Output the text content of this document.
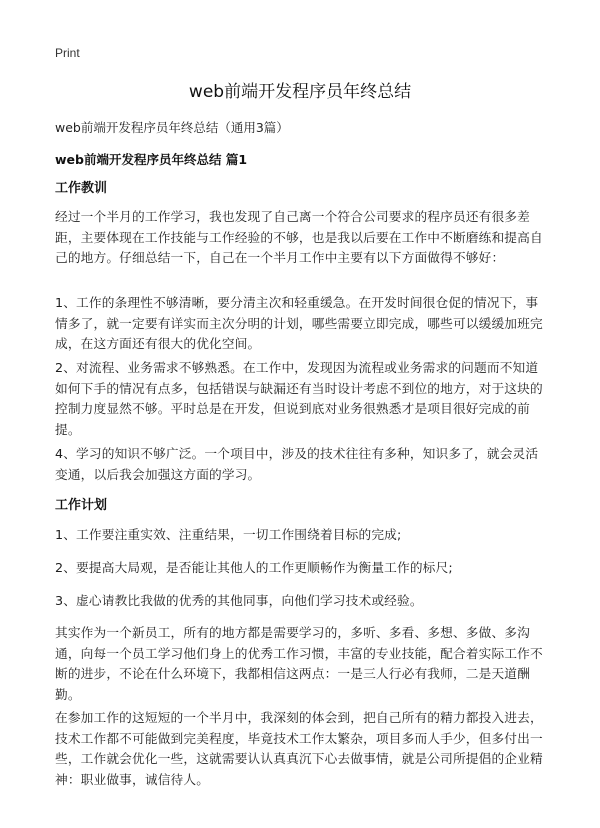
Print
web前端开发程序员年终总结

web前端开发程序员年终总结（通用3篇）

web前端开发程序员年终总结 篇1
工作教训

经过一个半月的工作学习，我也发现了自己离一个符合公司要求的程序员还有很多差距，主要体现在工作技能与工作经验的不够，也是我以后要在工作中不断磨练和提高自己的地方。仔细总结一下，自己在一个半月工作中主要有以下方面做得不够好：

1、工作的条理性不够清晰，要分清主次和轻重缓急。在开发时间很仓促的情况下，事情多了，就一定要有详实而主次分明的计划，哪些需要立即完成，哪些可以缓缓加班完成，在这方面还有很大的优化空间。

2、对流程、业务需求不够熟悉。在工作中，发现因为流程或业务需求的问题而不知道如何下手的情况有点多，包括错误与缺漏还有当时设计考虑不到位的地方，对于这块的控制力度显然不够。平时总是在开发，但说到底对业务很熟悉才是项目很好完成的前提。

4、学习的知识不够广泛。一个项目中，涉及的技术往往有多种，知识多了，就会灵活变通，以后我会加强这方面的学习。

工作计划

1、工作要注重实效、注重结果，一切工作围绕着目标的完成;

2、要提高大局观，是否能让其他人的工作更顺畅作为衡量工作的标尺;

3、虚心请教比我做的优秀的其他同事，向他们学习技术或经验。

其实作为一个新员工，所有的地方都是需要学习的，多听、多看、多想、多做、多沟通，向每一个员工学习他们身上的优秀工作习惯，丰富的专业技能，配合着实际工作不断的进步，不论在什么环境下，我都相信这两点：一是三人行必有我师，二是天道酬勤。

在参加工作的这短短的一个半月中，我深刻的体会到，把自己所有的精力都投入进去，技术工作都不可能做到完美程度，毕竟技术工作太繁杂，项目多而人手少，但多付出一些，工作就会优化一些，这就需要认认真真沉下心去做事情，就是公司所提倡的企业精神：职业做事，诚信待人。
